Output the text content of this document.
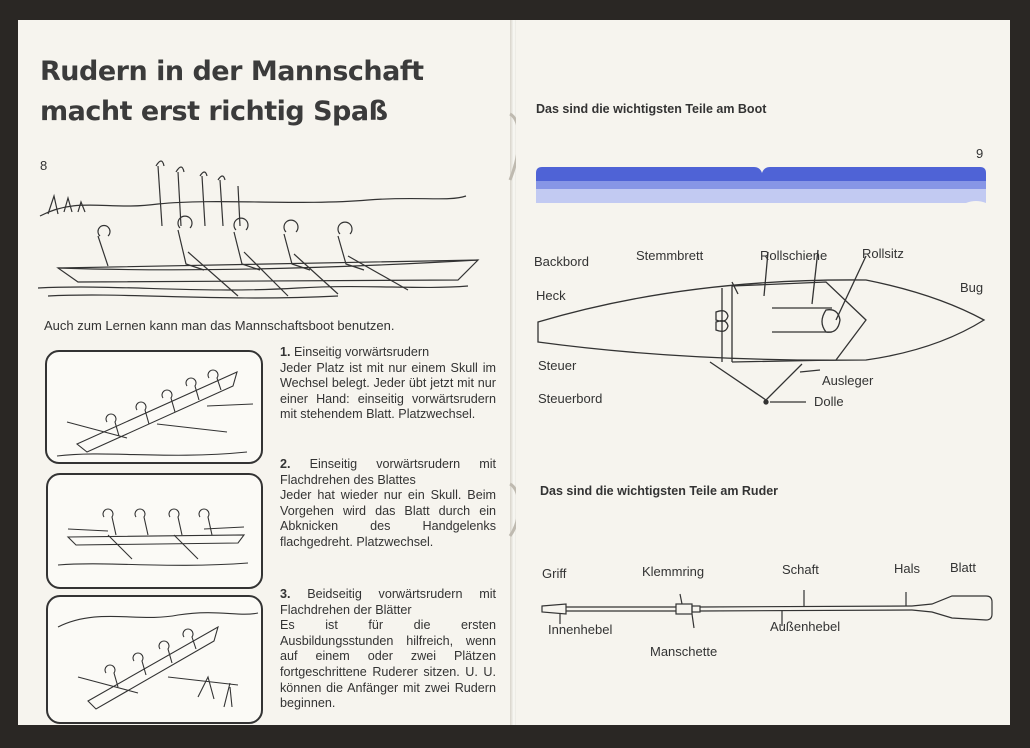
Rudern in der Mannschaft
macht erst richtig Spaß
8
Auch zum Lernen kann man das Mannschaftsboot benutzen.

1. Einseitig vorwärtsrudern

Jeder Platz ist mit nur einem Skull im Wechsel belegt. Jeder übt jetzt mit nur einer Hand: einseitig vorwärtsrudern mit stehendem Blatt. Platzwechsel.

2. Einseitig vorwärtsrudern mit Flachdrehen des Blattes

Jeder hat wieder nur ein Skull. Beim Vorgehen wird das Blatt durch ein Abknicken des Handgelenks flachgedreht. Platzwechsel.

3. Beidseitig vorwärtsrudern mit Flachdrehen der Blätter

Es ist für die ersten Ausbildungsstunden hilfreich, wenn auf einem oder zwei Plätzen fortgeschrittene Ruderer sitzen. U. U. können die Anfänger mit zwei Rudern beginnen.

Das sind die wichtigsten Teile am Boot
9
Backbord	Stemmbrett	Rollschiene	Rollsitz
Heck
Bug
Steuer
Ausleger
Steuerbord	Dolle
Das sind die wichtigsten Teile am Ruder
Griff	Klemmring	Schaft	Hals Blatt
Innenhebel	Außenhebel
Manschette
